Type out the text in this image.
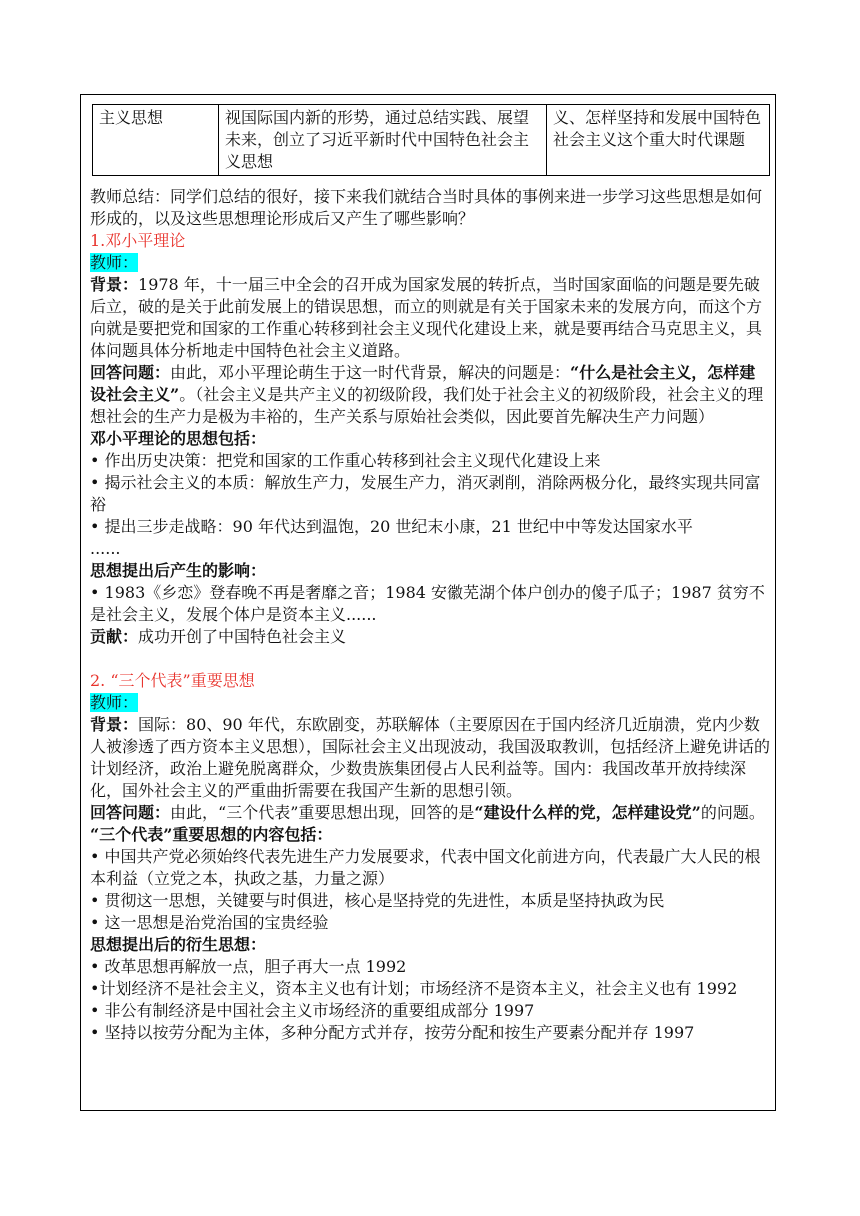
主义思想	视国际国内新的形势，通过总结实践、展望未来，创立了习近平新时代中国特色社会主义思想	义、怎样坚持和发展中国特色社会主义这个重大时代课题

教师总结：同学们总结的很好，接下来我们就结合当时具体的事例来进一步学习这些思想是如何形成的，以及这些思想理论形成后又产生了哪些影响？

1.邓小平理论

教师：

背景：1978 年，十一届三中全会的召开成为国家发展的转折点，当时国家面临的问题是要先破后立，破的是关于此前发展上的错误思想，而立的则就是有关于国家未来的发展方向，而这个方向就是要把党和国家的工作重心转移到社会主义现代化建设上来，就是要再结合马克思主义，具体问题具体分析地走中国特色社会主义道路。

回答问题：由此，邓小平理论萌生于这一时代背景，解决的问题是：“什么是社会主义，怎样建设社会主义”。（社会主义是共产主义的初级阶段，我们处于社会主义的初级阶段，社会主义的理想社会的生产力是极为丰裕的，生产关系与原始社会类似，因此要首先解决生产力问题）

邓小平理论的思想包括：

• 作出历史决策：把党和国家的工作重心转移到社会主义现代化建设上来

• 揭示社会主义的本质：解放生产力，发展生产力，消灭剥削，消除两极分化，最终实现共同富裕

• 提出三步走战略：90 年代达到温饱，20 世纪末小康，21 世纪中中等发达国家水平

......

思想提出后产生的影响：

• 1983《乡恋》登春晚不再是奢靡之音；1984 安徽芜湖个体户创办的傻子瓜子；1987 贫穷不是社会主义，发展个体户是资本主义......

贡献：成功开创了中国特色社会主义

2. “三个代表”重要思想

教师：

背景：国际：80、90 年代，东欧剧变，苏联解体（主要原因在于国内经济几近崩溃，党内少数人被渗透了西方资本主义思想），国际社会主义出现波动，我国汲取教训，包括经济上避免讲话的计划经济，政治上避免脱离群众，少数贵族集团侵占人民利益等。国内：我国改革开放持续深化，国外社会主义的严重曲折需要在我国产生新的思想引领。

回答问题：由此，“三个代表”重要思想出现，回答的是“建设什么样的党，怎样建设党”的问题。

“三个代表”重要思想的内容包括：

• 中国共产党必须始终代表先进生产力发展要求，代表中国文化前进方向，代表最广大人民的根本利益（立党之本，执政之基，力量之源）

• 贯彻这一思想，关键要与时俱进，核心是坚持党的先进性，本质是坚持执政为民

• 这一思想是治党治国的宝贵经验

思想提出后的衍生思想：

• 改革思想再解放一点，胆子再大一点 1992

•计划经济不是社会主义，资本主义也有计划；市场经济不是资本主义，社会主义也有 1992

• 非公有制经济是中国社会主义市场经济的重要组成部分 1997

• 坚持以按劳分配为主体，多种分配方式并存，按劳分配和按生产要素分配并存 1997
